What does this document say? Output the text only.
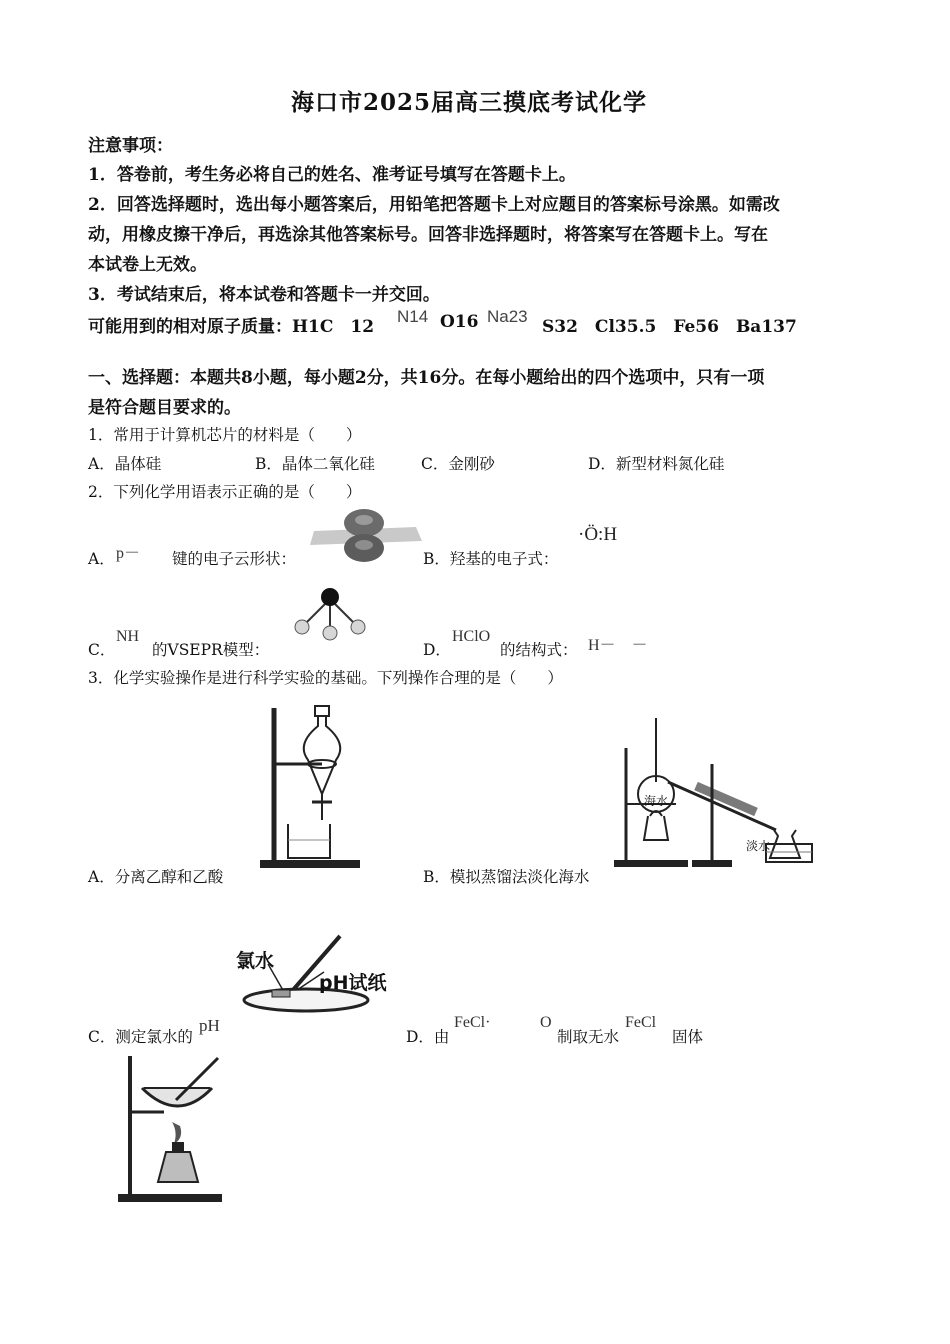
海口市2025届高三摸底考试化学
注意事项：
1．答卷前，考生务必将自己的姓名、准考证号填写在答题卡上。
2．回答选择题时，选出每小题答案后，用铅笔把答题卡上对应题目的答案标号涂黑。如需改
动，用橡皮擦干净后，再选涂其他答案标号。回答非选择题时，将答案写在答题卡上。写在
本试卷上无效。
3．考试结束后，将本试卷和答题卡一并交回。
可能用到的相对原子质量：H1C　12
N14 O16 Na23
S32　Cl35.5　Fe56　Ba137
一、选择题：本题共8小题，每小题2分，共16分。在每小题给出的四个选项中，只有一项
是符合题目要求的。
1．常用于计算机芯片的材料是（　　）
A．晶体硅	B．晶体二氧化硅	C．金刚砂	D．新型材料氮化硅
2．下列化学用语表示正确的是（　　）
A． p－ 键的电子云形状：	B．羟基的电子式：
·Ö:H
C．
NH
的VSEPR模型：	D．
HClO
的结构式： H－　－
3．化学实验操作是进行科学实验的基础。下列操作合理的是（　　）
A．分离乙醇和乙酸
海水
淡水
B．模拟蒸馏法淡化海水
氯水
pH试纸
C．测定氯水的
pH
D．由
FeCl·	O
制取无水
FeCl
固体
